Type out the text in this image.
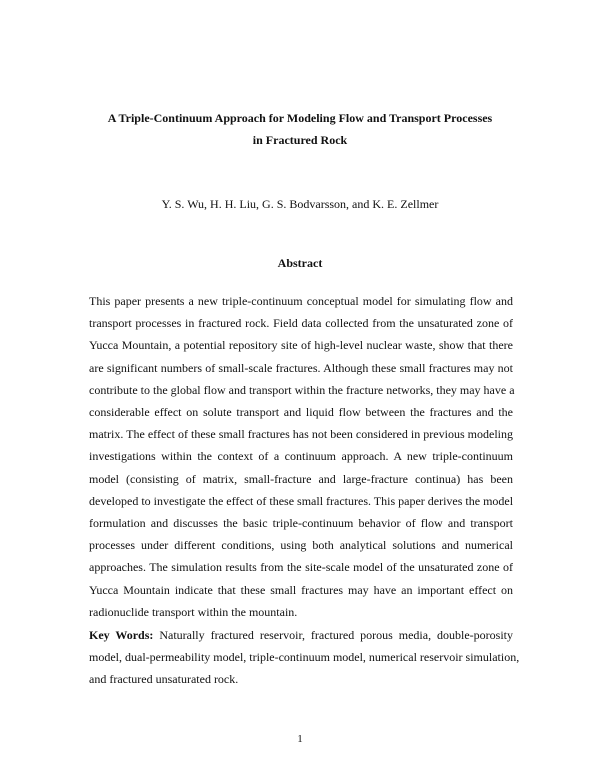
A Triple-Continuum Approach for Modeling Flow and Transport Processes
in Fractured Rock
Y. S. Wu, H. H. Liu, G. S. Bodvarsson, and K. E. Zellmer
Abstract
This paper presents a new triple-continuum conceptual model for simulating flow and
transport processes in fractured rock. Field data collected from the unsaturated zone of
Yucca Mountain, a potential repository site of high-level nuclear waste, show that there
are significant numbers of small-scale fractures. Although these small fractures may not
contribute to the global flow and transport within the fracture networks, they may have a
considerable effect on solute transport and liquid flow between the fractures and the
matrix. The effect of these small fractures has not been considered in previous modeling
investigations within the context of a continuum approach. A new triple-continuum
model (consisting of matrix, small-fracture and large-fracture continua) has been
developed to investigate the effect of these small fractures. This paper derives the model
formulation and discusses the basic triple-continuum behavior of flow and transport
processes under different conditions, using both analytical solutions and numerical
approaches. The simulation results from the site-scale model of the unsaturated zone of
Yucca Mountain indicate that these small fractures may have an important effect on
radionuclide transport within the mountain.
Key Words: Naturally fractured reservoir, fractured porous media, double-porosity
model, dual-permeability model, triple-continuum model, numerical reservoir simulation,
and fractured unsaturated rock.
1
